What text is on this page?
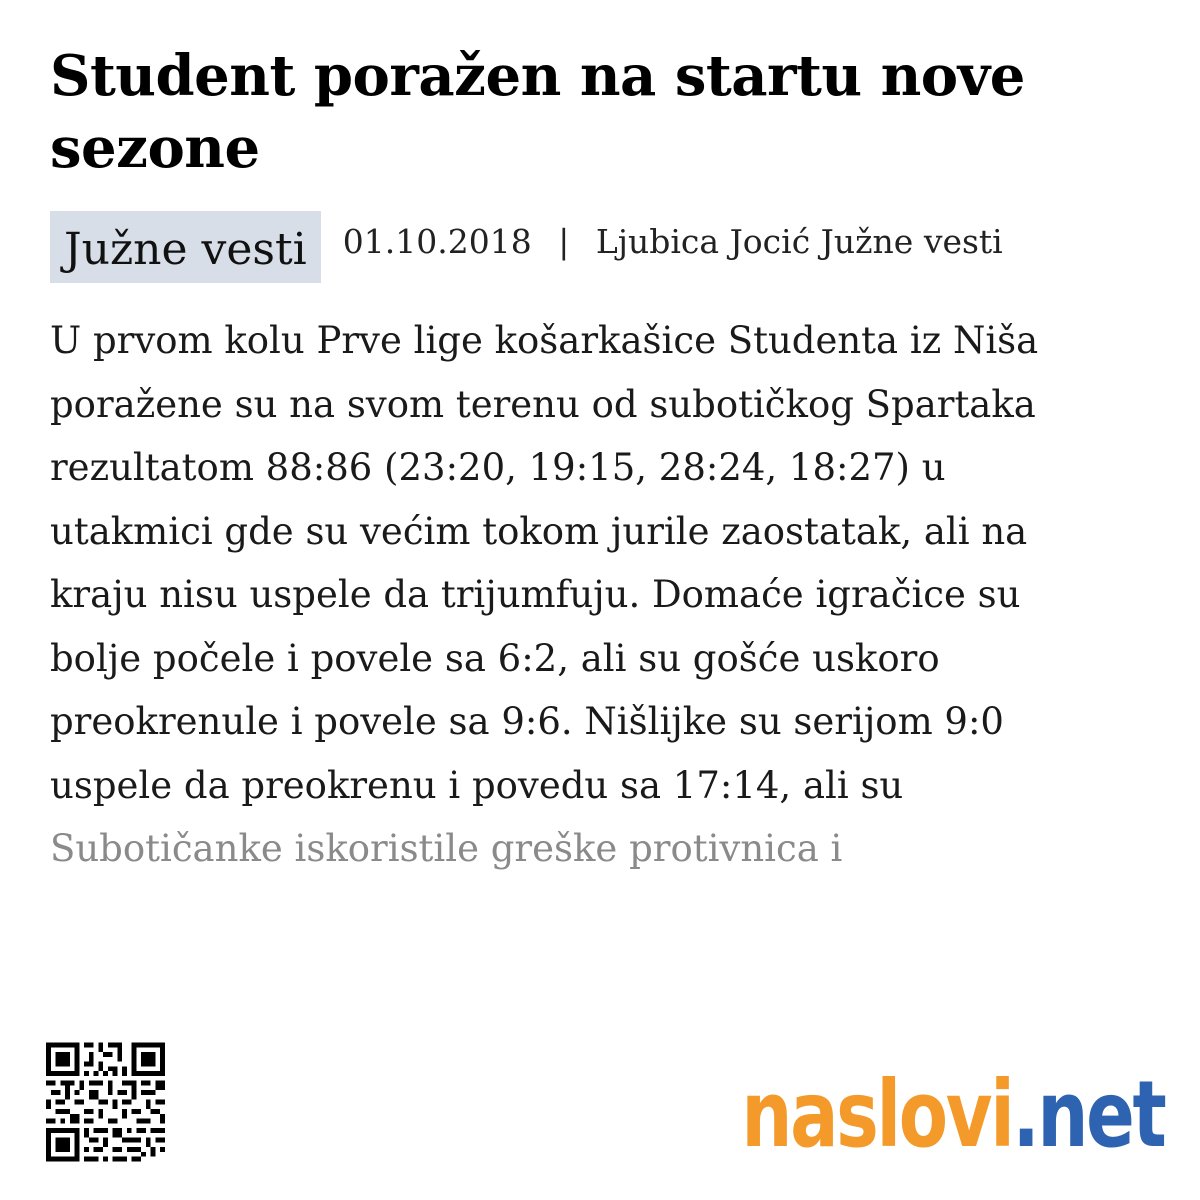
Student poražen na startu nove sezone
Južne vesti	01.10.2018 | Ljubica Jocić Južne vesti
U prvom kolu Prve lige košarkašice Studenta iz Niša
poražene su na svom terenu od subotičkog Spartaka
rezultatom 88:86 (23:20, 19:15, 28:24, 18:27) u
utakmici gde su većim tokom jurile zaostatak, ali na
kraju nisu uspele da trijumfuju. Domaće igračice su
bolje počele i povele sa 6:2, ali su gošće uskoro
preokrenule i povele sa 9:6. Nišlijke su serijom 9:0
uspele da preokrenu i povedu sa 17:14, ali su
Subotičanke iskoristile greške protivnica i
naslovi.net
